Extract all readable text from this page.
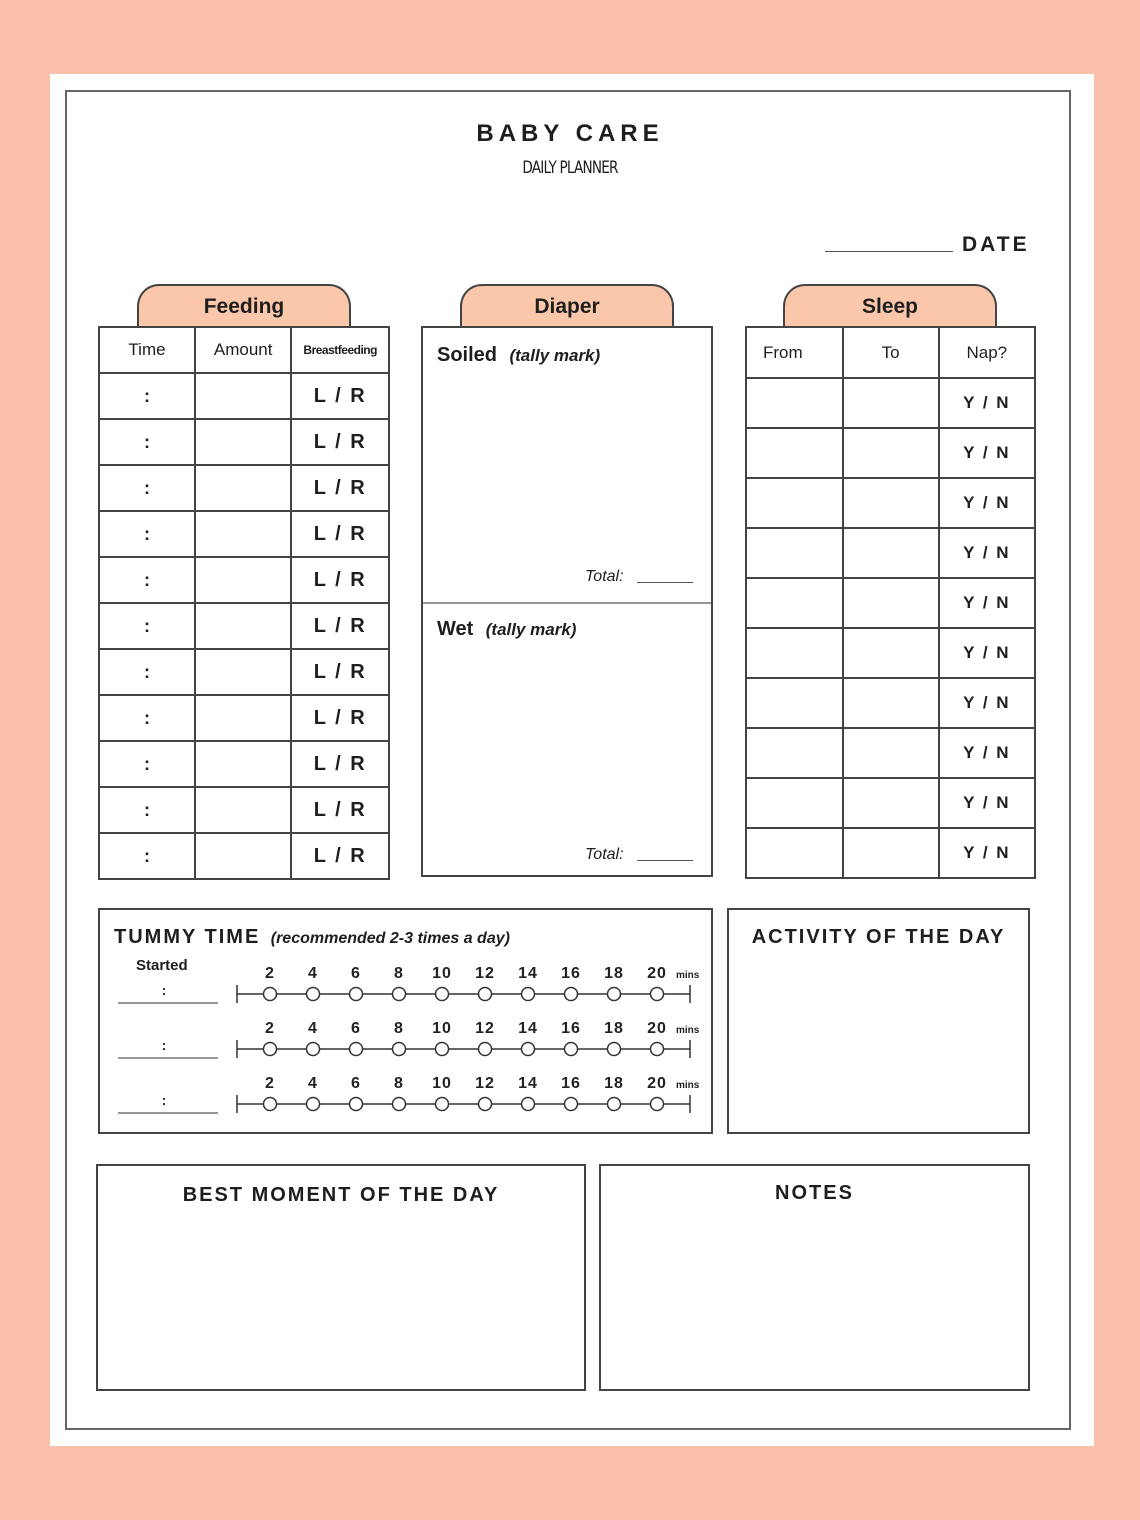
BABY CARE
DAILY PLANNER
DATE
Feeding
Time	Amount	Breastfeeding
:		L / R
:		L / R
:		L / R
:		L / R
:		L / R
:		L / R
:		L / R
:		L / R
:		L / R
:		L / R
:		L / R
Diaper
Soiled (tally mark)
Total:
Wet (tally mark)
Total:
Sleep
From	To	Nap?
		Y / N
		Y / N
		Y / N
		Y / N
		Y / N
		Y / N
		Y / N
		Y / N
		Y / N
		Y / N
TUMMY TIME (recommended 2-3 times a day)
Started
:
2 4 6 8 10 12 14 16 18 20 mins
:
2 4 6 8 10 12 14 16 18 20 mins
:
2 4 6 8 10 12 14 16 18 20 mins
ACTIVITY OF THE DAY
BEST MOMENT OF THE DAY	NOTES
